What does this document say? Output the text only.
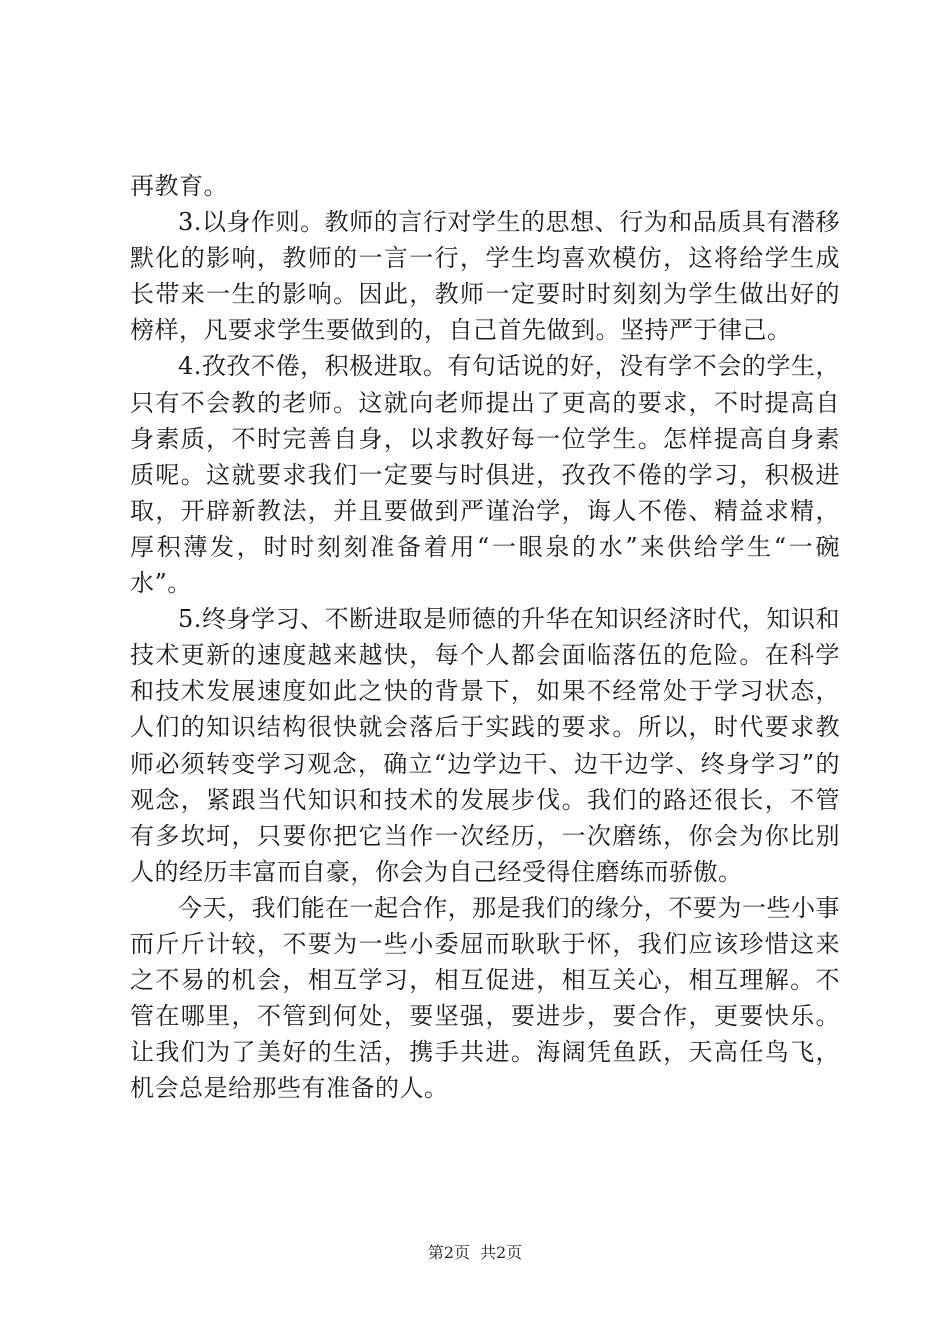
再教育。

3.以身作则。教师的言行对学生的思想、行为和品质具有潜移默化的影响，教师的一言一行，学生均喜欢模仿，这将给学生成长带来一生的影响。因此，教师一定要时时刻刻为学生做出好的榜样，凡要求学生要做到的，自己首先做到。坚持严于律己。

4.孜孜不倦，积极进取。有句话说的好，没有学不会的学生，只有不会教的老师。这就向老师提出了更高的要求，不时提高自身素质，不时完善自身，以求教好每一位学生。怎样提高自身素质呢。这就要求我们一定要与时俱进，孜孜不倦的学习，积极进取，开辟新教法，并且要做到严谨治学，诲人不倦、精益求精，厚积薄发，时时刻刻准备着用“一眼泉的水”来供给学生“一碗水”。

5.终身学习、不断进取是师德的升华在知识经济时代，知识和技术更新的速度越来越快，每个人都会面临落伍的危险。在科学和技术发展速度如此之快的背景下，如果不经常处于学习状态，人们的知识结构很快就会落后于实践的要求。所以，时代要求教师必须转变学习观念，确立“边学边干、边干边学、终身学习”的观念，紧跟当代知识和技术的发展步伐。我们的路还很长，不管有多坎坷，只要你把它当作一次经历，一次磨练，你会为你比别人的经历丰富而自豪，你会为自己经受得住磨练而骄傲。

今天，我们能在一起合作，那是我们的缘分，不要为一些小事而斤斤计较，不要为一些小委屈而耿耿于怀，我们应该珍惜这来之不易的机会，相互学习，相互促进，相互关心，相互理解。不管在哪里，不管到何处，要坚强，要进步，要合作，更要快乐。让我们为了美好的生活，携手共进。海阔凭鱼跃，天高任鸟飞，机会总是给那些有准备的人。

第2页 共2页
